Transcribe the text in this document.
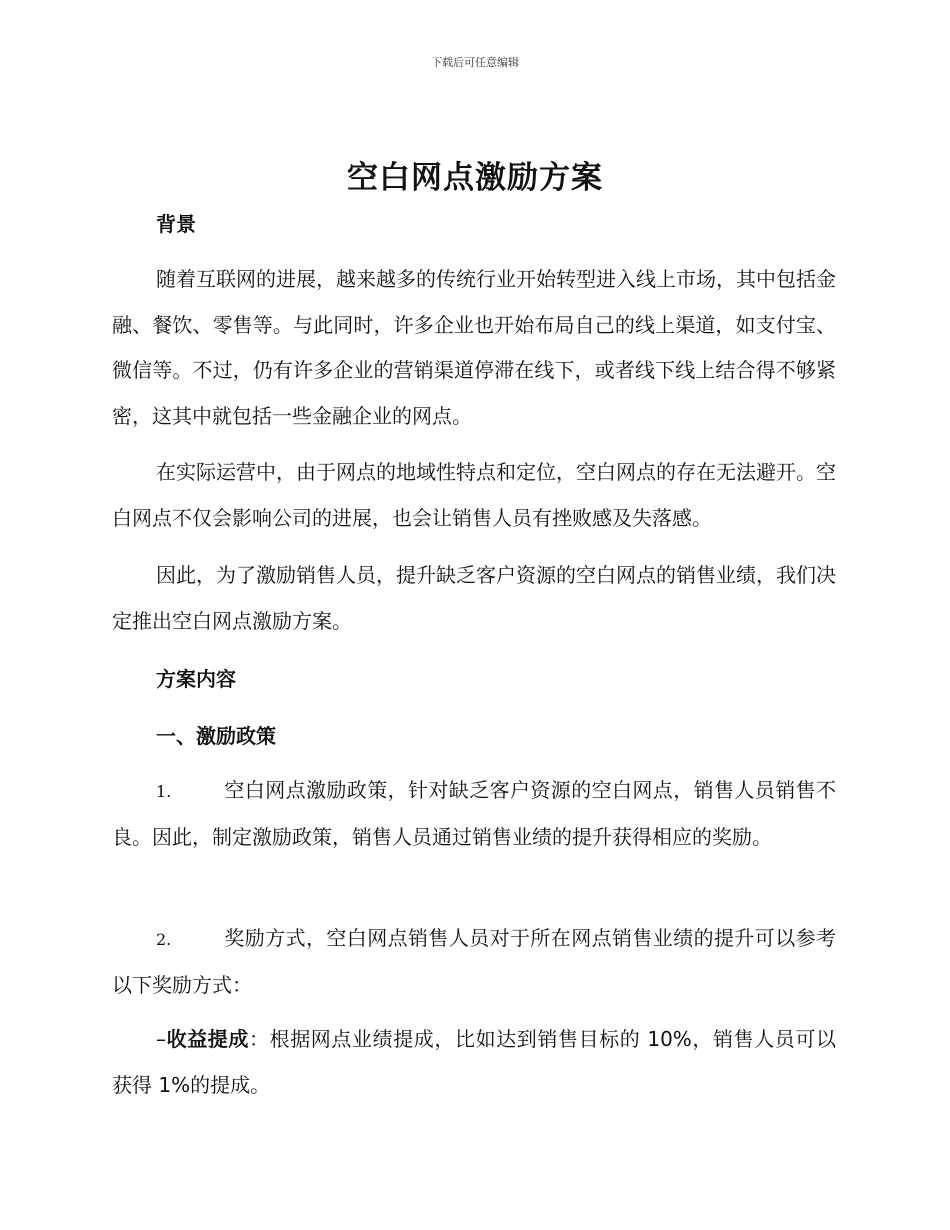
下载后可任意编辑
空白网点激励方案
背景

随着互联网的进展，越来越多的传统行业开始转型进入线上市场，其中包括金融、餐饮、零售等。与此同时，许多企业也开始布局自己的线上渠道，如支付宝、微信等。不过，仍有许多企业的营销渠道停滞在线下，或者线下线上结合得不够紧密，这其中就包括一些金融企业的网点。

在实际运营中，由于网点的地域性特点和定位，空白网点的存在无法避开。空白网点不仅会影响公司的进展，也会让销售人员有挫败感及失落感。

因此，为了激励销售人员，提升缺乏客户资源的空白网点的销售业绩，我们决定推出空白网点激励方案。

方案内容
一、激励政策

1.	空白网点激励政策，针对缺乏客户资源的空白网点，销售人员销售不良。因此，制定激励政策，销售人员通过销售业绩的提升获得相应的奖励。

2.	奖励方式，空白网点销售人员对于所在网点销售业绩的提升可以参考以下奖励方式：

–收益提成：根据网点业绩提成，比如达到销售目标的 10%，销售人员可以获得 1%的提成。
